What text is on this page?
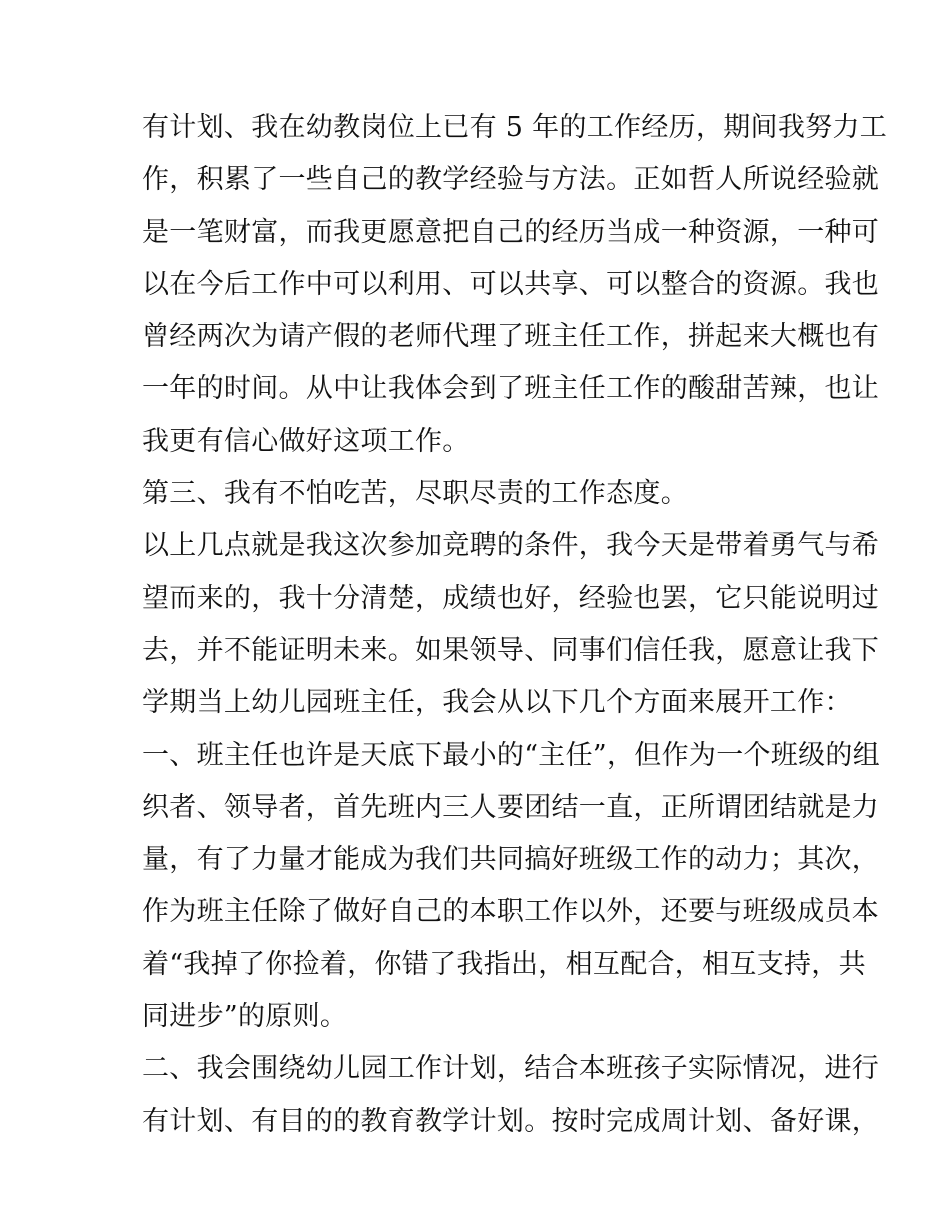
有计划、我在幼教岗位上已有 5 年的工作经历，期间我努力工
作，积累了一些自己的教学经验与方法。正如哲人所说经验就
是一笔财富，而我更愿意把自己的经历当成一种资源，一种可
以在今后工作中可以利用、可以共享、可以整合的资源。我也
曾经两次为请产假的老师代理了班主任工作，拼起来大概也有
一年的时间。从中让我体会到了班主任工作的酸甜苦辣，也让
我更有信心做好这项工作。
第三、我有不怕吃苦，尽职尽责的工作态度。
以上几点就是我这次参加竞聘的条件，我今天是带着勇气与希
望而来的，我十分清楚，成绩也好，经验也罢，它只能说明过
去，并不能证明未来。如果领导、同事们信任我，愿意让我下
学期当上幼儿园班主任，我会从以下几个方面来展开工作：
一、班主任也许是天底下最小的“主任”，但作为一个班级的组
织者、领导者，首先班内三人要团结一直，正所谓团结就是力
量，有了力量才能成为我们共同搞好班级工作的动力；其次，
作为班主任除了做好自己的本职工作以外，还要与班级成员本
着“我掉了你捡着，你错了我指出，相互配合，相互支持，共
同进步”的原则。
二、我会围绕幼儿园工作计划，结合本班孩子实际情况，进行
有计划、有目的的教育教学计划。按时完成周计划、备好课，
